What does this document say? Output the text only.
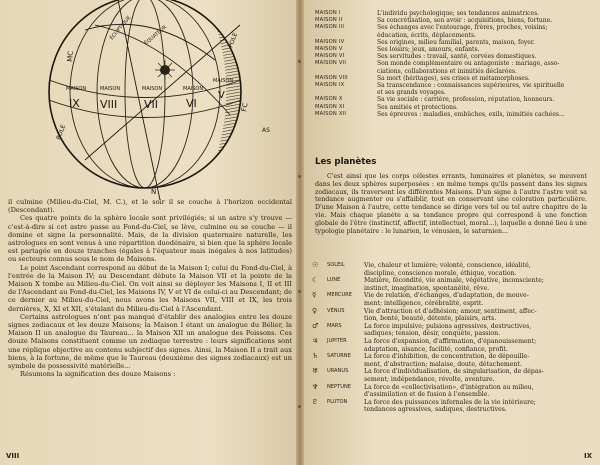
MC
ÉCLIPTIQUE ÉQUATEUR
POLE
POLE
FC
N
AS
MAISON
IX
MAISON
VIII
MAISON
VII
MAISON
VI
MAISON
V

il culmine (Milieu-du-Ciel, M. C.), et le soir il se couche à l'horizon occidental (Descendant).

Ces quatre points de la sphère locale sont privilégiés; si un astre s'y trouve — c'est-à-dire si cet astre passe au Fond-du-Ciel, se lève, culmine ou se couche — il domine et signe la personnalité. Mais, de la division quaternaire naturelle, les astrologues en sont venus à une répartition duodénaire, si bien que la sphère locale est partagée en douze tranches (égales à l'équateur mais inégales à nos latitudes) ou secteurs connus sous le nom de Maisons.

Le point Ascendant correspond au début de la Maison I; celui du Fond-du-Ciel, à l'entrée de la Maison IV; au Descendant débute la Maison VII et la pointe de la Maison X tombe au Milieu-du-Ciel. On voit ainsi se déployer les Maisons I, II et III de l'Ascendant au Fond-du-Ciel, les Maisons IV, V et VI de celui-ci au Descendant; de ce dernier au Milieu-du-Ciel, nous avons les Maisons VII, VIII et IX, les trois dernières, X, XI et XII, s'étalant du Milieu-du-Ciel à l'Ascendant.

Certains astrologues n'ont pas manqué d'établir des analogies entre les douze signes zodiacaux et les douze Maisons; la Maison I étant un analogue du Bélier, la Maison II un analogue du Taureau... la Maison XII un analogue des Poissons. Ces douze Maisons constituent comme un zodiaque terrestre : leurs significations sont une réplique objective au contenu subjectif des signes. Ainsi, la Maison II a trait aux biens, à la fortune, de même que le Taureau (deuxième des signes zodiacaux) est un symbole de possessivité matérielle...

Résumons la signification des douze Maisons :

VIII
MAISON I	L'individu psychologique; ses tendances animatrices.
MAISON II	Sa concrétisation, son avoir : acquisitions, biens, fortune.
MAISON III	Ses échanges avec l'entourage, frères, proches, voisins;
éducation, écrits, déplacements.
MAISON IV	Ses origines, milieu familial, parents, maison, foyer.
MAISON V	Ses loisirs; jeux, amours, enfants.
MAISON VI	Ses servitudes : travail, santé, corvées domestiques.
MAISON VII	Son monde complémentaire ou antagoniste : mariage, asso-
ciations, collaborations et inimitiés déclarées.
MAISON VIII	Sa mort (héritages), ses crises et métamorphoses.
MAISON IX	Sa transcendance : connaissances supérieures, vie spirituelle
et ses grands voyages.
MAISON X	Sa vie sociale : carrière, profession, réputation, honneurs.
MAISON XI	Ses amitiés et protections.
MAISON XII	Ses épreuves : maladies, embûches, exils, inimitiés cachées...
Les planètes

C'est ainsi que les corps célestes errants, luminaires et planètes, se meuvent dans les deux sphères superposées : en même temps qu'ils passent dans les signes zodiacaux, ils traversent les différentes Maisons. D'un signe à l'autre l'astre voit sa tendance augmenter ou s'affaiblir, tout en conservant une coloration particulière. D'une Maison à l'autre, cette tendance se dirige vers tel ou tel autre chapitre de la vie. Mais chaque planète a sa tendance propre qui correspond à une fonction globale de l'être (instinctif, affectif, intellectuel, moral...), laquelle a donné lieu à une typologie planétaire : le lunarien, le vénusien, le saturnien...

☉	SOLEIL	Vie, chaleur et lumière; volonté, conscience, idéalité,
discipline, conscience morale, éthique, vocation.
☾	LUNE	Matière, fécondité, vie animale, végétative, inconsciente;
instinct, imagination, spontanéité, rêve.
☿	MERCURE	Vie de relation, d'échanges, d'adaptation, de mouve-
ment; intelligence, cérébralité, esprit.
♀	VÉNUS	Vie d'attraction et d'adhésion; amour, sentiment, affec-
tion, bonté, beauté, détente, plaisirs, arts.
♂	MARS	La force impulsive; pulsions agressives, destructives,
sadiques; tension, désir, conquête, passion.
♃	JUPITER	La force d'expansion, d'affirmation, d'épanouissement;
adaptation, aisance, facilité, confiance, profit.
♄	SATURNE	La force d'inhibition, de concentration, de dépouille-
ment, d'abstraction; malaise, doute, détachement.
♅	URANUS	La force d'individualisation, de singularisation, de dépas-
sement; indépendance, révolte, aventure.
♆	NEPTUNE	La force de «collectivisation», d'intégration au milieu,
d'assimilation et de fusion à l'ensemble.
♇	PLUTON	La force des puissances infernales de la vie intérieure;
tendances agressives, sadiques, destructives.
IX
